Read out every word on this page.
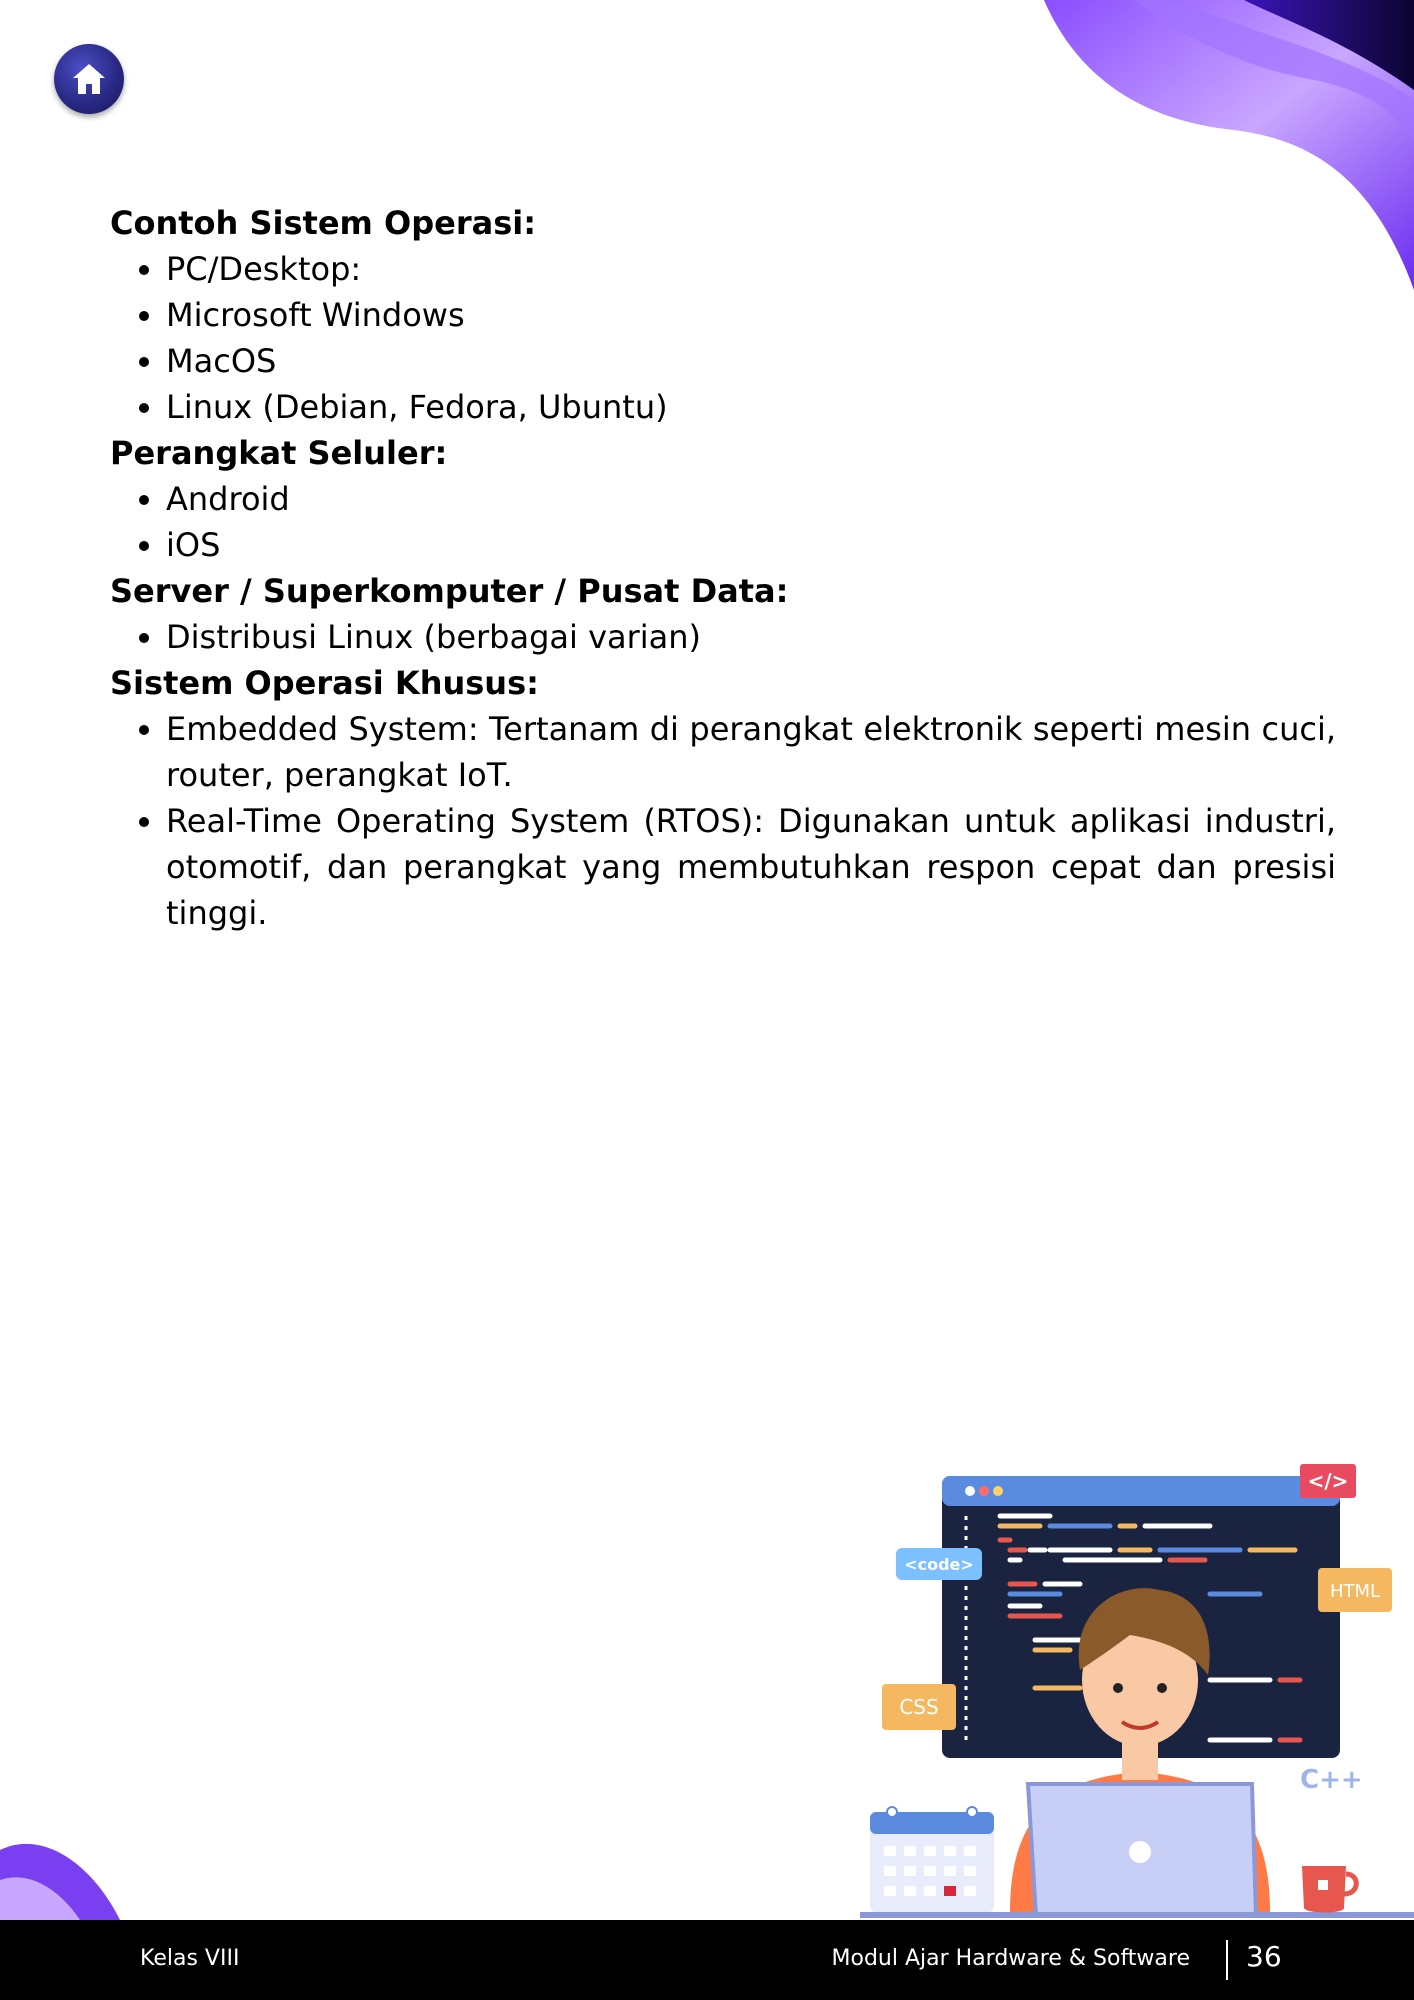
Contoh Sistem Operasi:

• PC/Desktop:
• Microsoft Windows
• MacOS
• Linux (Debian, Fedora, Ubuntu)

Perangkat Seluler:

• Android
• iOS

Server / Superkomputer / Pusat Data:

• Distribusi Linux (berbagai varian)

Sistem Operasi Khusus:

• Embedded System: Tertanam di perangkat elektronik seperti mesin cuci, router, perangkat IoT.
• Real-Time Operating System (RTOS): Digunakan untuk aplikasi industri, otomotif, dan perangkat yang membutuhkan respon cepat dan presisi tinggi.
</>
<code>
HTML
CSS
C++
Kelas VIII	Modul Ajar Hardware & Software 36
